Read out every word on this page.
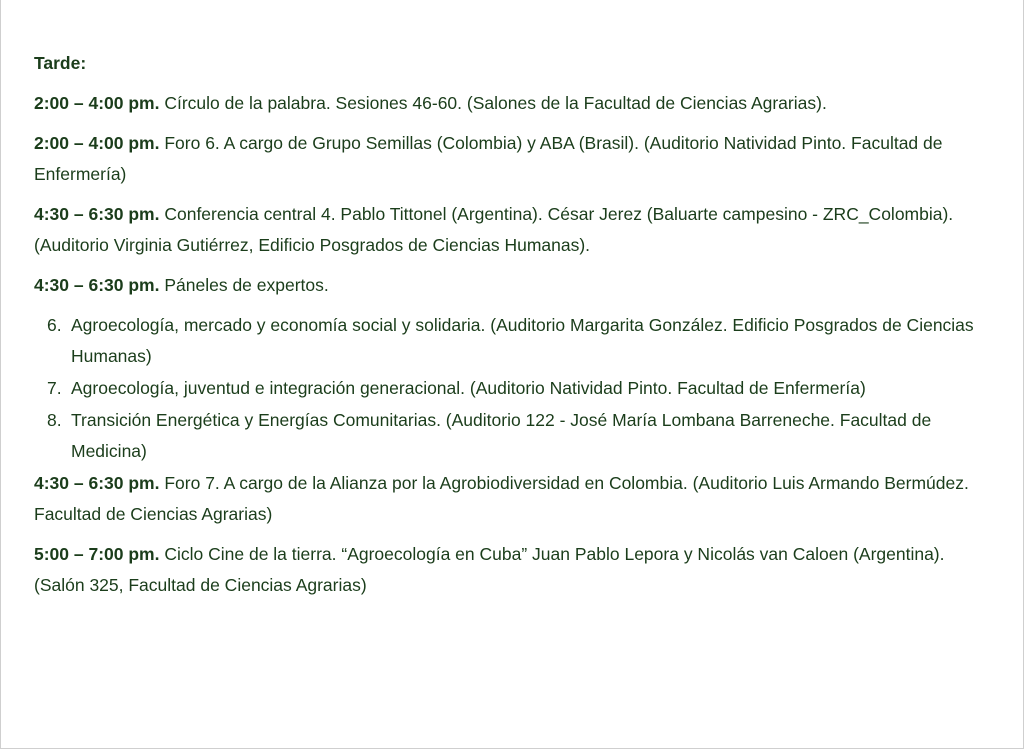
Tarde:
2:00 – 4:00 pm. Círculo de la palabra. Sesiones 46-60. (Salones de la Facultad de Ciencias Agrarias).
2:00 – 4:00 pm. Foro 6. A cargo de Grupo Semillas (Colombia) y ABA (Brasil). (Auditorio Natividad Pinto. Facultad de Enfermería)
4:30 – 6:30 pm. Conferencia central 4. Pablo Tittonel (Argentina). César Jerez (Baluarte campesino - ZRC_Colombia). (Auditorio Virginia Gutiérrez, Edificio Posgrados de Ciencias Humanas).
4:30 – 6:30 pm. Páneles de expertos.
6. Agroecología, mercado y economía social y solidaria. (Auditorio Margarita González. Edificio Posgrados de Ciencias Humanas)
7. Agroecología, juventud e integración generacional. (Auditorio Natividad Pinto. Facultad de Enfermería)
8. Transición Energética y Energías Comunitarias. (Auditorio 122 - José María Lombana Barreneche. Facultad de Medicina)
4:30 – 6:30 pm. Foro 7. A cargo de la Alianza por la Agrobiodiversidad en Colombia. (Auditorio Luis Armando Bermúdez. Facultad de Ciencias Agrarias)
5:00 – 7:00 pm. Ciclo Cine de la tierra. “Agroecología en Cuba” Juan Pablo Lepora y Nicolás van Caloen (Argentina). (Salón 325, Facultad de Ciencias Agrarias)
